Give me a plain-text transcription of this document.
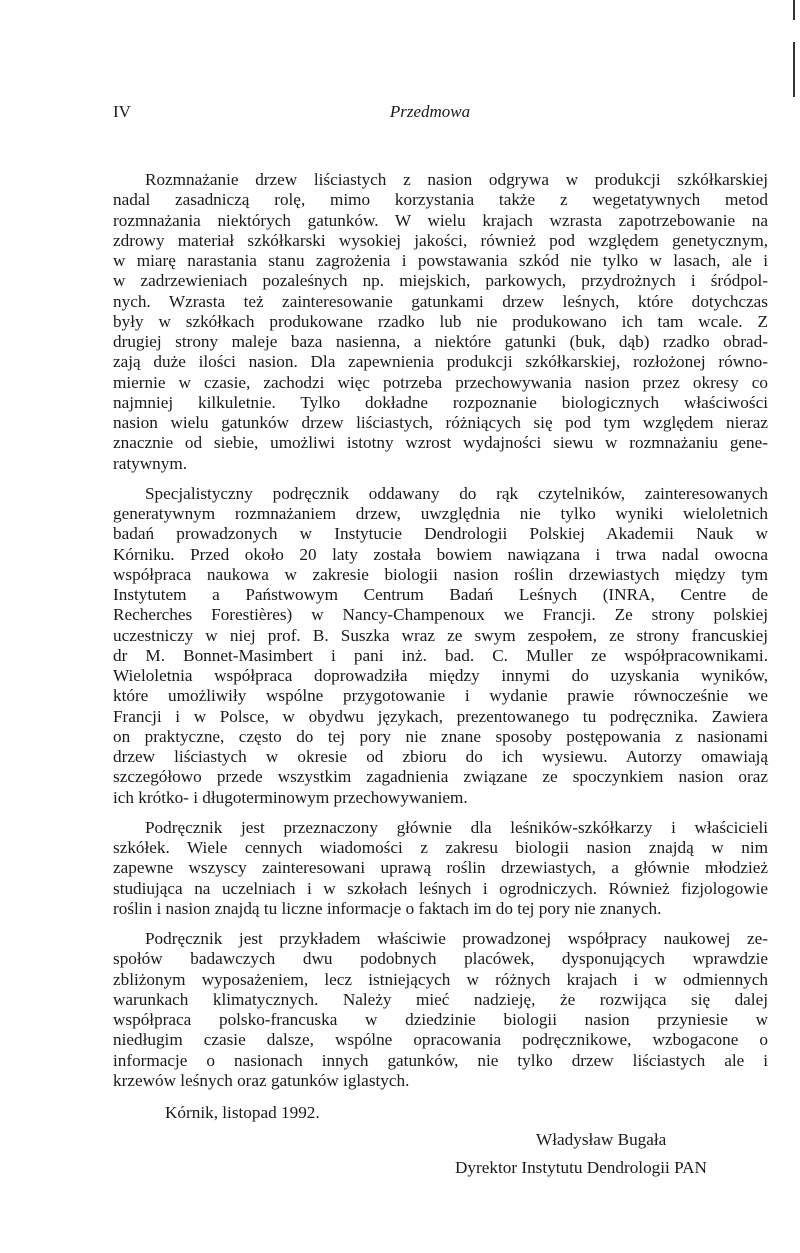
IV	Przedmowa
Rozmnażanie drzew liściastych z nasion odgrywa w produkcji szkółkarskiej
nadal zasadniczą rolę, mimo korzystania także z wegetatywnych metod
rozmnażania niektórych gatunków. W wielu krajach wzrasta zapotrzebowanie na
zdrowy materiał szkółkarski wysokiej jakości, również pod względem genetycznym,
w miarę narastania stanu zagrożenia i powstawania szkód nie tylko w lasach, ale i
w zadrzewieniach pozaleśnych np. miejskich, parkowych, przydrożnych i śródpol-
nych. Wzrasta też zainteresowanie gatunkami drzew leśnych, które dotychczas
były w szkółkach produkowane rzadko lub nie produkowano ich tam wcale. Z
drugiej strony maleje baza nasienna, a niektóre gatunki (buk, dąb) rzadko obrad-
zają duże ilości nasion. Dla zapewnienia produkcji szkółkarskiej, rozłożonej równo-
miernie w czasie, zachodzi więc potrzeba przechowywania nasion przez okresy co
najmniej kilkuletnie. Tylko dokładne rozpoznanie biologicznych właściwości
nasion wielu gatunków drzew liściastych, różniących się pod tym względem nieraz
znacznie od siebie, umożliwi istotny wzrost wydajności siewu w rozmnażaniu gene-
ratywnym.
Specjalistyczny podręcznik oddawany do rąk czytelników, zainteresowanych
generatywnym rozmnażaniem drzew, uwzględnia nie tylko wyniki wieloletnich
badań prowadzonych w Instytucie Dendrologii Polskiej Akademii Nauk w
Kórniku. Przed około 20 laty została bowiem nawiązana i trwa nadal owocna
współpraca naukowa w zakresie biologii nasion roślin drzewiastych między tym
Instytutem a Państwowym Centrum Badań Leśnych (INRA, Centre de
Recherches Forestières) w Nancy-Champenoux we Francji. Ze strony polskiej
uczestniczy w niej prof. B. Suszka wraz ze swym zespołem, ze strony francuskiej
dr M. Bonnet-Masimbert i pani inż. bad. C. Muller ze współpracownikami.
Wieloletnia współpraca doprowadziła między innymi do uzyskania wyników,
które umożliwiły wspólne przygotowanie i wydanie prawie równocześnie we
Francji i w Polsce, w obydwu językach, prezentowanego tu podręcznika. Zawiera
on praktyczne, często do tej pory nie znane sposoby postępowania z nasionami
drzew liściastych w okresie od zbioru do ich wysiewu. Autorzy omawiają
szczegółowo przede wszystkim zagadnienia związane ze spoczynkiem nasion oraz
ich krótko- i długoterminowym przechowywaniem.
Podręcznik jest przeznaczony głównie dla leśników-szkółkarzy i właścicieli
szkółek. Wiele cennych wiadomości z zakresu biologii nasion znajdą w nim
zapewne wszyscy zainteresowani uprawą roślin drzewiastych, a głównie młodzież
studiująca na uczelniach i w szkołach leśnych i ogrodniczych. Również fizjologowie
roślin i nasion znajdą tu liczne informacje o faktach im do tej pory nie znanych.
Podręcznik jest przykładem właściwie prowadzonej współpracy naukowej ze-
społów badawczych dwu podobnych placówek, dysponujących wprawdzie
zbliżonym wyposażeniem, lecz istniejących w różnych krajach i w odmiennych
warunkach klimatycznych. Należy mieć nadzieję, że rozwijąca się dalej
współpraca polsko-francuska w dziedzinie biologii nasion przyniesie w
niedługim czasie dalsze, wspólne opracowania podręcznikowe, wzbogacone o
informacje o nasionach innych gatunków, nie tylko drzew liściastych ale i
krzewów leśnych oraz gatunków iglastych.
Kórnik, listopad 1992.
Władysław Bugała
Dyrektor Instytutu Dendrologii PAN
